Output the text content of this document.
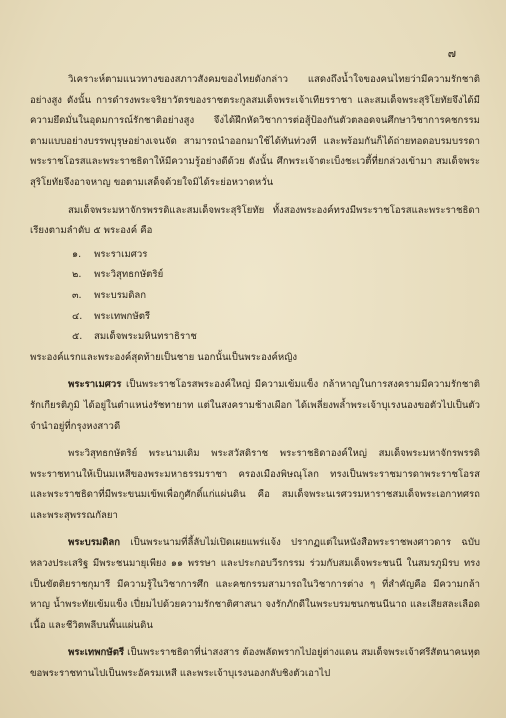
๗

วิเคราะห์ตามแนวทางของสภาวสังคมของไทยดังกล่าว แสดงถึงน้ำใจของคนไทยว่ามีความรักชาติอย่างสูง ดังนั้น การดำรงพระจริยาวัตรของราชตระกูลสมเด็จพระเจ้าเทียรราชา และสมเด็จพระสุริโยทัยจึงได้มีความยึดมั่นในอุดมการณ์รักชาติอย่างสูง จึงได้ฝึกหัดวิชาการต่อสู้ป้องกันตัวตลอดจนศึกษาวิชาการคชกรรมตามแบบอย่างบรรพบุรุษอย่างเจนจัด สามารถนำออกมาใช้ได้ทันท่วงที และพร้อมกันก็ได้ถ่ายทอดอบรมบรรดาพระราชโอรสและพระราชธิดาให้มีความรู้อย่างดีด้วย ดังนั้น ศึกพระเจ้าตะเบ็งชะเวตี้ที่ยกล่วงเข้ามา สมเด็จพระสุริโยทัยจึงอาจหาญ ขอตามเสด็จด้วยใจมิได้ระย่อหวาดหวั่น

สมเด็จพระมหาจักรพรรดิและสมเด็จพระสุริโยทัย ทั้งสองพระองค์ทรงมีพระราชโอรสและพระราชธิดา เรียงตามลำดับ ๕ พระองค์ คือ

๑. พระราเมศวร
๒. พระวิสุทธกษัตริย์
๓. พระบรมดิลก
๔. พระเทพกษัตรี
๕. สมเด็จพระมหินทราธิราช

พระองค์แรกและพระองค์สุดท้ายเป็นชาย นอกนั้นเป็นพระองค์หญิง

พระราเมศวร เป็นพระราชโอรสพระองค์ใหญ่ มีความเข้มแข็ง กล้าหาญในการสงครามมีความรักชาติ รักเกียรติภูมิ ได้อยู่ในตำแหน่งรัชทายาท แต่ในสงครามช้างเผือก ได้เพลี่ยงพล้ำพระเจ้าบุเรงนองขอตัวไปเป็นตัวจำนำอยู่ที่กรุงหงสาวดี

พระวิสุทธกษัตริย์ พระนามเดิม พระสวัสดิราช พระราชธิดาองค์ใหญ่ สมเด็จพระมหาจักรพรรดิพระราชทานให้เป็นมเหสีของพระมหาธรรมราชา ครองเมืองพิษณุโลก ทรงเป็นพระราชมารดาพระราชโอรสและพระราชธิดาที่มีพระขนมเข้พเพื่อกูศักดิ์แก่แผ่นดิน คือ สมเด็จพระนเรศวรมหาราชสมเด็จพระเอกาทศรถ และพระสุพรรณกัลยา

พระบรมดิลก เป็นพระนามที่ลี้ลับไม่เปิดเผยแพร่แจ้ง ปรากฏแต่ในหนังสือพระราชพงศาวดาร ฉบับหลวงประเสริฐ มีพระชนมายุเพียง ๑๑ พรรษา และประกอบวีรกรรม ร่วมกับสมเด็จพระชนนี ในสมรภูมิรบ ทรงเป็นขัตติยราชกุมารี มีความรู้ในวิชาการศึก และคชกรรมสามารถในวิชาการต่าง ๆ ที่สำคัญคือ มีความกล้าหาญ น้ำพระทัยเข้มแข็ง เปี่ยมไปด้วยความรักชาติศาสนา จงรักภักดีในพระบรมชนกชนนีนาถ และเสียสละเลือดเนื้อ และชีวิตพลีบนพื้นแผ่นดิน

พระเทพกษัตรี เป็นพระราชธิดาที่น่าสงสาร ต้องพลัดพรากไปอยู่ต่างแดน สมเด็จพระเจ้าศรีสัตนาคนหุต ขอพระราชทานไปเป็นพระอัครมเหสี และพระเจ้าบุเรงนองกลับชิงตัวเอาไป
